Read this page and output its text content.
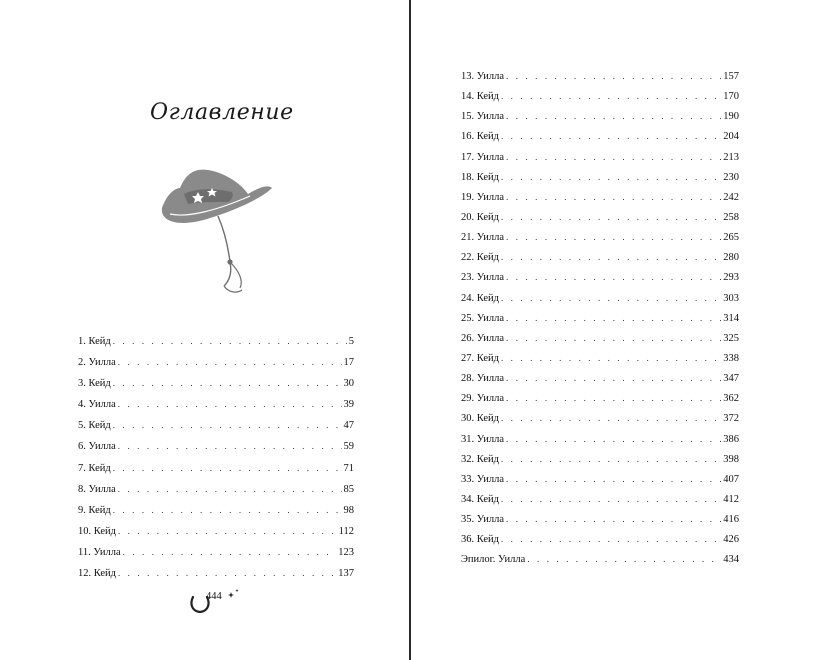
Оглавление
1. Кейд . . .	5
2. Уилла . . .	17
3. Кейд . . .	30
4. Уилла . . .	39
5. Кейд . . .	47
6. Уилла . . .	59
7. Кейд . . .	71
8. Уилла . . .	85
9. Кейд . . .	98
10. Кейд . . .	112
11. Уилла . . .	123
12. Кейд . . .	137
444
13. Уилла . . .	157
14. Кейд . . .	170
15. Уилла . . .	190
16. Кейд . . .	204
17. Уилла . . .	213
18. Кейд . . .	230
19. Уилла . . .	242
20. Кейд . . .	258
21. Уилла . . .	265
22. Кейд . . .	280
23. Уилла . . .	293
24. Кейд . . .	303
25. Уилла . . .	314
26. Уилла . . .	325
27. Кейд . . .	338
28. Уилла . . .	347
29. Уилла . . .	362
30. Кейд . . .	372
31. Уилла . . .	386
32. Кейд . . .	398
33. Уилла . . .	407
34. Кейд . . .	412
35. Уилла . . .	416
36. Кейд . . .	426
Эпилог. Уилла . . .	434
